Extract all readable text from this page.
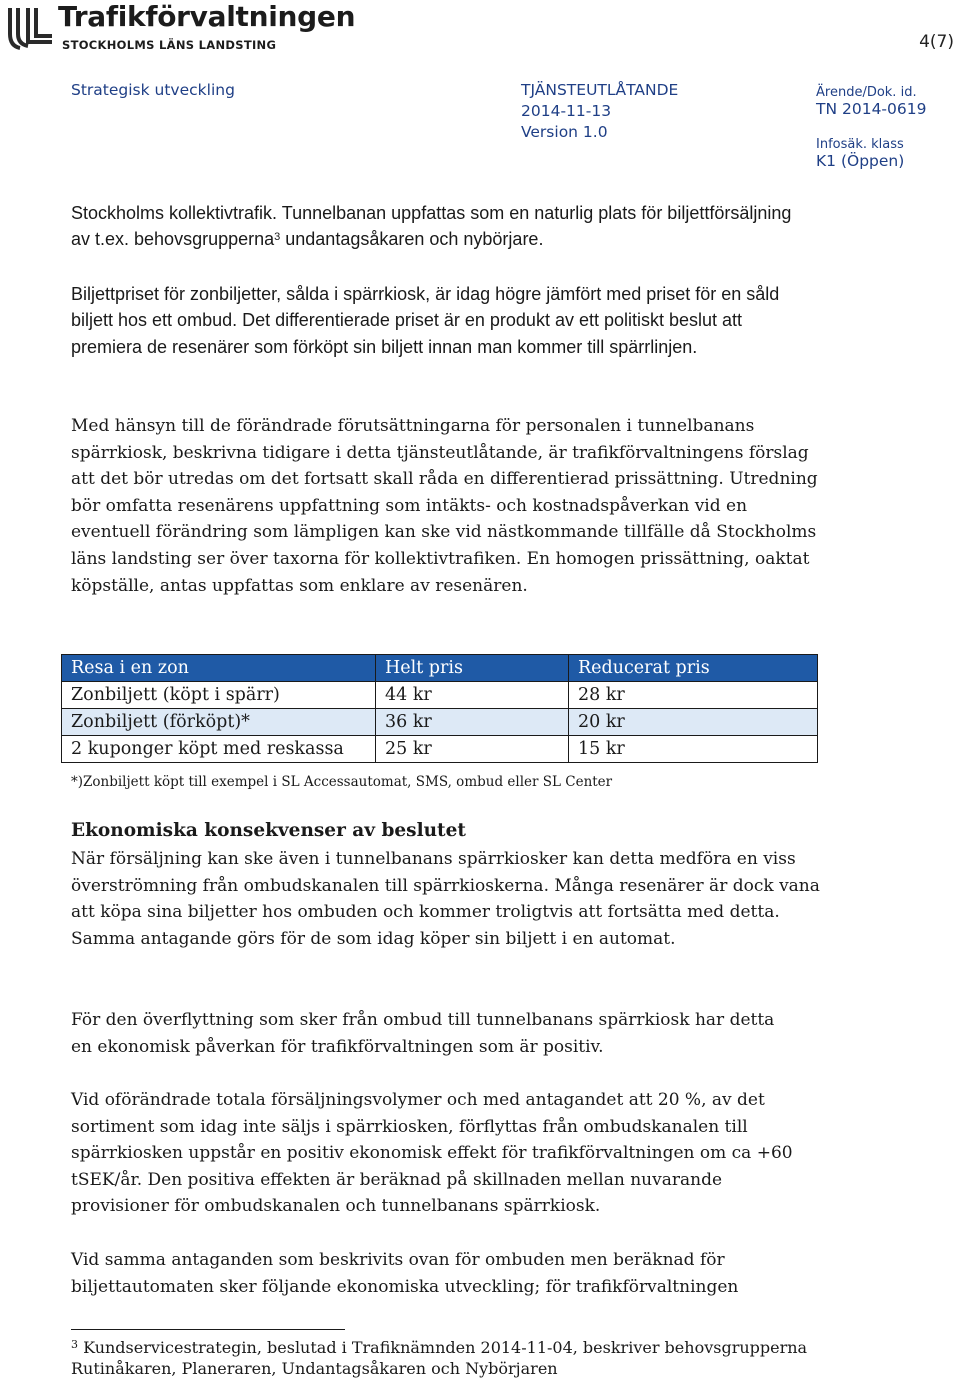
Trafikförvaltningen
STOCKHOLMS LÄNS LANDSTING	4(7)
Strategisk utveckling	TJÄNSTEUTLÅTANDE
2014-11-13
Version 1.0
Ärende/Dok. id.
TN 2014-0619
Infosäk. klass
K1 (Öppen)
Stockholms kollektivtrafik. Tunnelbanan uppfattas som en naturlig plats för biljettförsäljning av t.ex. behovsgrupperna$^3$ undantagsåkaren och nybörjare.
Biljettpriset för zonbiljetter, sålda i spärrkiosk, är idag högre jämfört med priset för en såld biljett hos ett ombud. Det differentierade priset är en produkt av ett politiskt beslut att premiera de resenärer som förköpt sin biljett innan man kommer till spärrlinjen.
Med hänsyn till de förändrade förutsättningarna för personalen i tunnelbanans spärrkiosk, beskrivna tidigare i detta tjänsteutlåtande, är trafikförvaltningens förslag att det bör utredas om det fortsatt skall råda en differentierad prissättning. Utredning bör omfatta resenärens uppfattning som intäkts- och kostnadspåverkan vid en eventuell förändring som lämpligen kan ske vid nästkommande tillfälle då Stockholms läns landsting ser över taxorna för kollektivtrafiken. En homogen prissättning, oaktat köpställe, antas uppfattas som enklare av resenären.
Resa i en zon	Helt pris	Reducerat pris
Zonbiljett (köpt i spärr)	44 kr	28 kr
Zonbiljett (förköpt)*	36 kr	20 kr
2 kuponger köpt med reskassa	25 kr	15 kr
*)Zonbiljett köpt till exempel i SL Accessautomat, SMS, ombud eller SL Center
Ekonomiska konsekvenser av beslutet
När försäljning kan ske även i tunnelbanans spärrkiosker kan detta medföra en viss överströmning från ombudskanalen till spärrkioskerna. Många resenärer är dock vana att köpa sina biljetter hos ombuden och kommer troligtvis att fortsätta med detta. Samma antagande görs för de som idag köper sin biljett i en automat.
För den överflyttning som sker från ombud till tunnelbanans spärrkiosk har detta en ekonomisk påverkan för trafikförvaltningen som är positiv.
Vid oförändrade totala försäljningsvolymer och med antagandet att 20 %, av det sortiment som idag inte säljs i spärrkiosken, förflyttas från ombudskanalen till spärrkiosken uppstår en positiv ekonomisk effekt för trafikförvaltningen om ca +60 tSEK/år. Den positiva effekten är beräknad på skillnaden mellan nuvarande provisioner för ombudskanalen och tunnelbanans spärrkiosk.
Vid samma antaganden som beskrivits ovan för ombuden men beräknad för biljettautomaten sker följande ekonomiska utveckling; för trafikförvaltningen
$^3$ Kundservicestrategin, beslutad i Trafiknämnden 2014-11-04, beskriver behovsgrupperna Rutinåkaren, Planeraren, Undantagsåkaren och Nybörjaren
